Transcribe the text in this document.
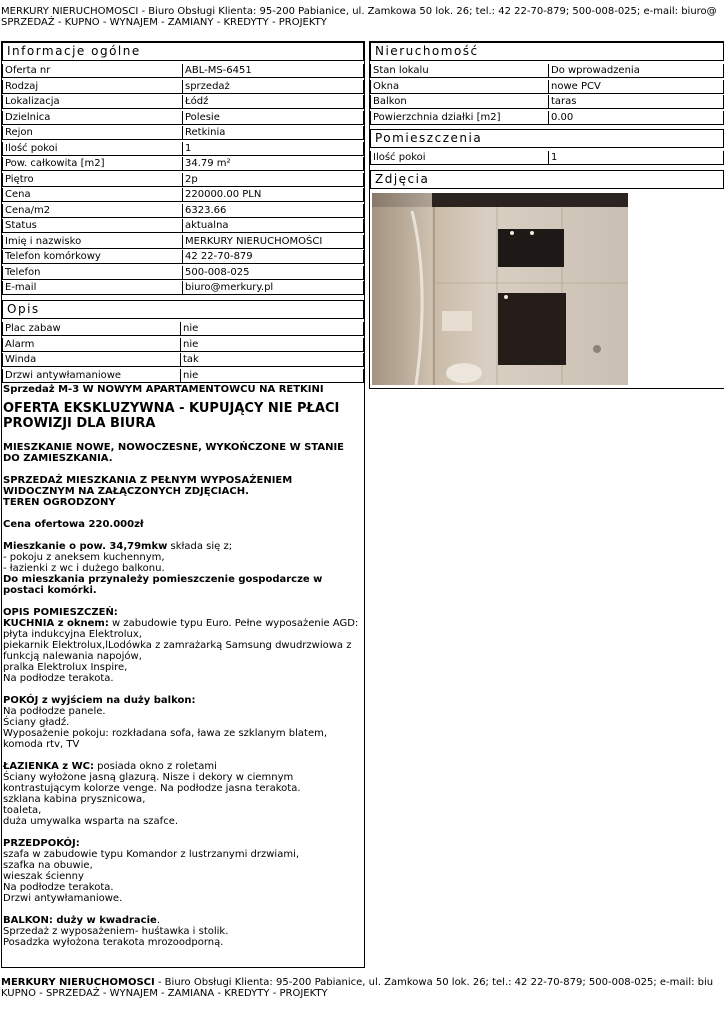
MERKURY NIERUCHOMOŚCI - Biuro Obsługi Klienta: 95-200 Pabianice, ul. Zamkowa 50 lok. 26; tel.: 42 22-70-879; 500-008-025; e-mail: biuro@
SPRZEDAŻ - KUPNO - WYNAJEM - ZAMIANY - KREDYTY - PROJEKTY
Informacje ogólne
Oferta nr	ABL-MS-6451
Rodzaj	sprzedaż
Lokalizacja	Łódź
Dzielnica	Polesie
Rejon	Retkinia
Ilość pokoi	1
Pow. całkowita [m2]	34.79 m²
Piętro	2p
Cena	220000.00 PLN
Cena/m2	6323.66
Status	aktualna
Imię i nazwisko	MERKURY NIERUCHOMOŚCI
Telefon komórkowy	42 22-70-879
Telefon	500-008-025
E-mail	biuro@merkury.pl
Opis
Plac zabaw	nie
Alarm	nie
Winda	tak
Drzwi antywłamaniowe	nie

Sprzedaż M-3 W NOWYM APARTAMENTOWCU NA RETKINI

OFERTA EKSKLUZYWNA - KUPUJĄCY NIE PŁACI PROWIZJI DLA BIURA

MIESZKANIE NOWE, NOWOCZESNE, WYKOŃCZONE W STANIE DO ZAMIESZKANIA.

SPRZEDAŻ MIESZKANIA Z PEŁNYM WYPOSAŻENIEM WIDOCZNYM NA ZAŁĄCZONYCH ZDJĘCIACH.

TEREN OGRODZONY

Cena ofertowa 220.000zł

Mieszkanie o pow. 34,79mkw składa się z;

- pokoju z aneksem kuchennym,

- łazienki z wc i dużego balkonu.

Do mieszkania przynależy pomieszczenie gospodarcze w postaci komórki.

OPIS POMIESZCZEŃ:

KUCHNIA z oknem: w zabudowie typu Euro. Pełne wyposażenie AGD:

płyta indukcyjna Elektrolux,

piekarnik Elektrolux,lLodówka z zamrażarką Samsung dwudrzwiowa z funkcją nalewania napojów,

pralka Elektrolux Inspire,

Na podłodze terakota.

POKÓJ z wyjściem na duży balkon:

Na podłodze panele.

Ściany gładź.

Wyposażenie pokoju: rozkładana sofa, ława ze szklanym blatem, komoda rtv, TV

ŁAZIENKA z WC: posiada okno z roletami

Ściany wyłożone jasną glazurą. Nisze i dekory w ciemnym kontrastującym kolorze venge. Na podłodze jasna terakota.

szklana kabina prysznicowa,

toaleta,

duża umywalka wsparta na szafce.

PRZEDPOKÓJ:

szafa w zabudowie typu Komandor z lustrzanymi drzwiami,

szafka na obuwie,

wieszak ścienny

Na podłodze terakota.

Drzwi antywłamaniowe.

BALKON: duży w kwadracie.

Sprzedaż z wyposażeniem- huśtawka i stolik.

Posadzka wyłożona terakota mrozoodporną.

Nieruchomość
Stan lokalu	Do wprowadzenia
Okna	nowe PCV
Balkon	taras
Powierzchnia działki [m2]	0.00
Pomieszczenia
Ilość pokoi	1
Zdjęcia
MERKURY NIERUCHOMOŚCI - Biuro Obsługi Klienta: 95-200 Pabianice, ul. Zamkowa 50 lok. 26; tel.: 42 22-70-879; 500-008-025; e-mail: biu
KUPNO - SPRZEDAŻ - WYNAJEM - ZAMIANA - KREDYTY - PROJEKTY
